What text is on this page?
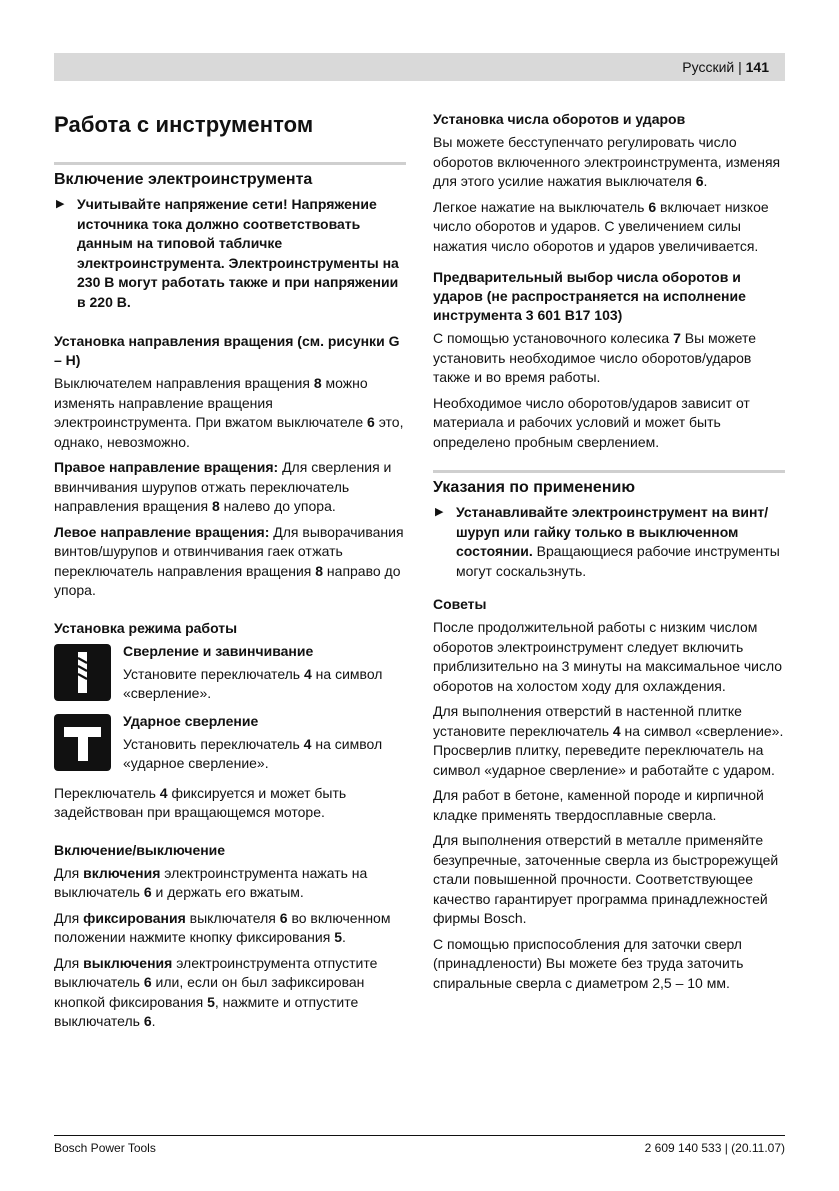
Русский | 141
Работа с инструментом
Включение электроинструмента
▶ Учитывайте напряжение сети! Напряжение источника тока должно соответствовать данным на типовой табличке электроинструмента. Электроинструменты на 230 В могут работать также и при напряжении в 220 В.
Установка направления вращения (см. рисунки G – H)

Выключателем направления вращения 8 можно изменять направление вращения электроинструмента. При вжатом выключателе 6 это, однако, невозможно.

Правое направление вращения: Для сверления и ввинчивания шурупов отжать переключатель направления вращения 8 налево до упора.

Левое направление вращения: Для выворачивания винтов/шурупов и отвинчивания гаек отжать переключатель направления вращения 8 направо до упора.

Установка режима работы
Сверление и завинчивание

Установите переключатель 4 на символ «сверление».

Ударное сверление

Установить переключатель 4 на символ «ударное сверление».

Переключатель 4 фиксируется и может быть задействован при вращающемся моторе.

Включение/выключение

Для включения электроинструмента нажать на выключатель 6 и держать его вжатым.

Для фиксирования выключателя 6 во включенном положении нажмите кнопку фиксирования 5.

Для выключения электроинструмента отпустите выключатель 6 или, если он был зафиксирован кнопкой фиксирования 5, нажмите и отпустите выключатель 6.

Установка числа оборотов и ударов

Вы можете бесступенчато регулировать число оборотов включенного электроинструмента, изменяя для этого усилие нажатия выключателя 6.

Легкое нажатие на выключатель 6 включает низкое число оборотов и ударов. С увеличением силы нажатия число оборотов и ударов увеличивается.

Предварительный выбор числа оборотов и ударов (не распространяется на исполнение инструмента 3 601 B17 103)

С помощью установочного колесика 7 Вы можете установить необходимое число оборотов/ударов также и во время работы.

Необходимое число оборотов/ударов зависит от материала и рабочих условий и может быть определено пробным сверлением.

Указания по применению
▶ Устанавливайте электроинструмент на винт/шуруп или гайку только в выключенном состоянии. Вращающиеся рабочие инструменты могут соскальзнуть.
Советы

После продолжительной работы с низким числом оборотов электроинструмент следует включить приблизительно на 3 минуты на максимальное число оборотов на холостом ходу для охлаждения.

Для выполнения отверстий в настенной плитке установите переключатель 4 на символ «сверление». Просверлив плитку, переведите переключатель на символ «ударное сверление» и работайте с ударом.

Для работ в бетоне, каменной породе и кирпичной кладке применять твердосплавные сверла.

Для выполнения отверстий в металле применяйте безупречные, заточенные сверла из быстрорежущей стали повышенной прочности. Соответствующее качество гарантирует программа принадлежностей фирмы Bosch.

С помощью приспособления для заточки сверл (принадлености) Вы можете без труда заточить спиральные сверла с диаметром 2,5 – 10 мм.

Bosch Power Tools	2 609 140 533 | (20.11.07)
